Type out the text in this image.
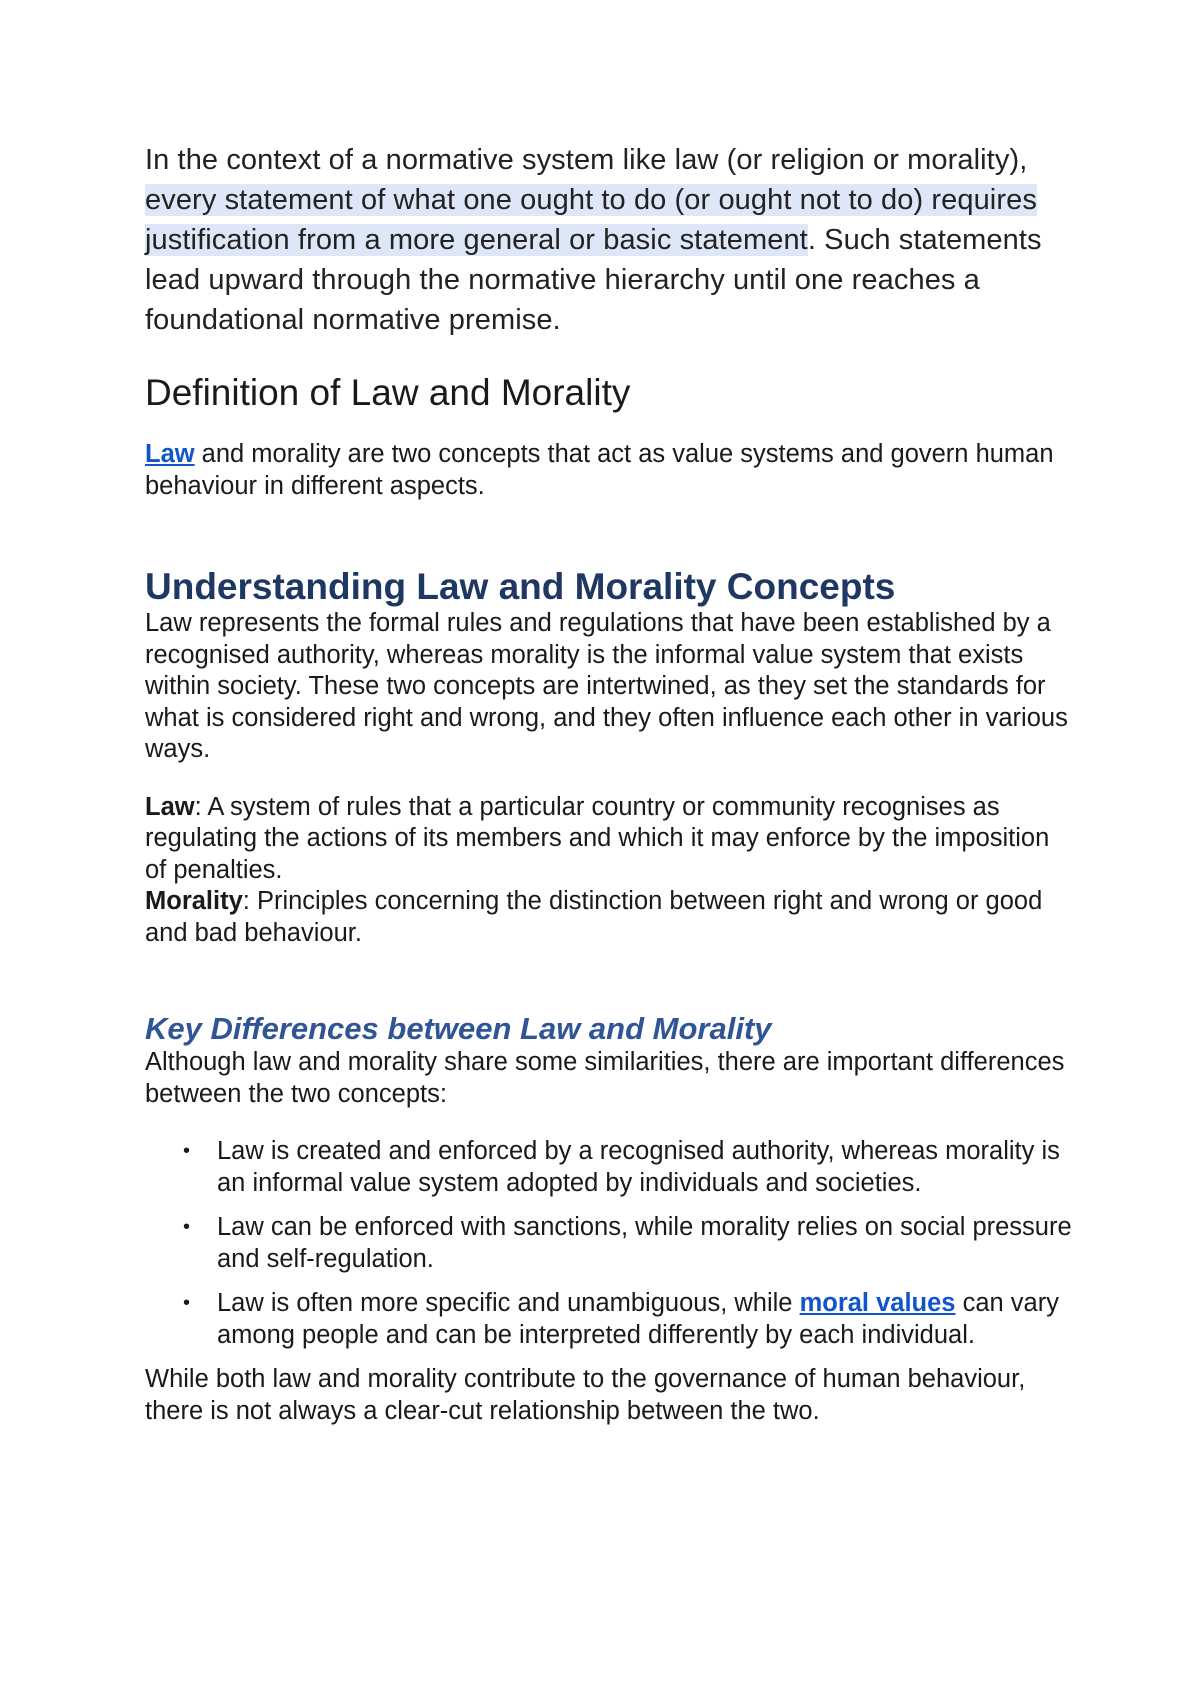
In the context of a normative system like law (or religion or morality), every statement of what one ought to do (or ought not to do) requires justification from a more general or basic statement. Such statements lead upward through the normative hierarchy until one reaches a foundational normative premise.

Definition of Law and Morality

Law and morality are two concepts that act as value systems and govern human behaviour in different aspects.

Understanding Law and Morality Concepts

Law represents the formal rules and regulations that have been established by a recognised authority, whereas morality is the informal value system that exists within society. These two concepts are intertwined, as they set the standards for what is considered right and wrong, and they often influence each other in various ways.

Law: A system of rules that a particular country or community recognises as regulating the actions of its members and which it may enforce by the imposition of penalties.

Morality: Principles concerning the distinction between right and wrong or good and bad behaviour.

Key Differences between Law and Morality

Although law and morality share some similarities, there are important differences between the two concepts:

• Law is created and enforced by a recognised authority, whereas morality is an informal value system adopted by individuals and societies.
• Law can be enforced with sanctions, while morality relies on social pressure and self-regulation.
• Law is often more specific and unambiguous, while moral values can vary among people and can be interpreted differently by each individual.

While both law and morality contribute to the governance of human behaviour, there is not always a clear-cut relationship between the two.
